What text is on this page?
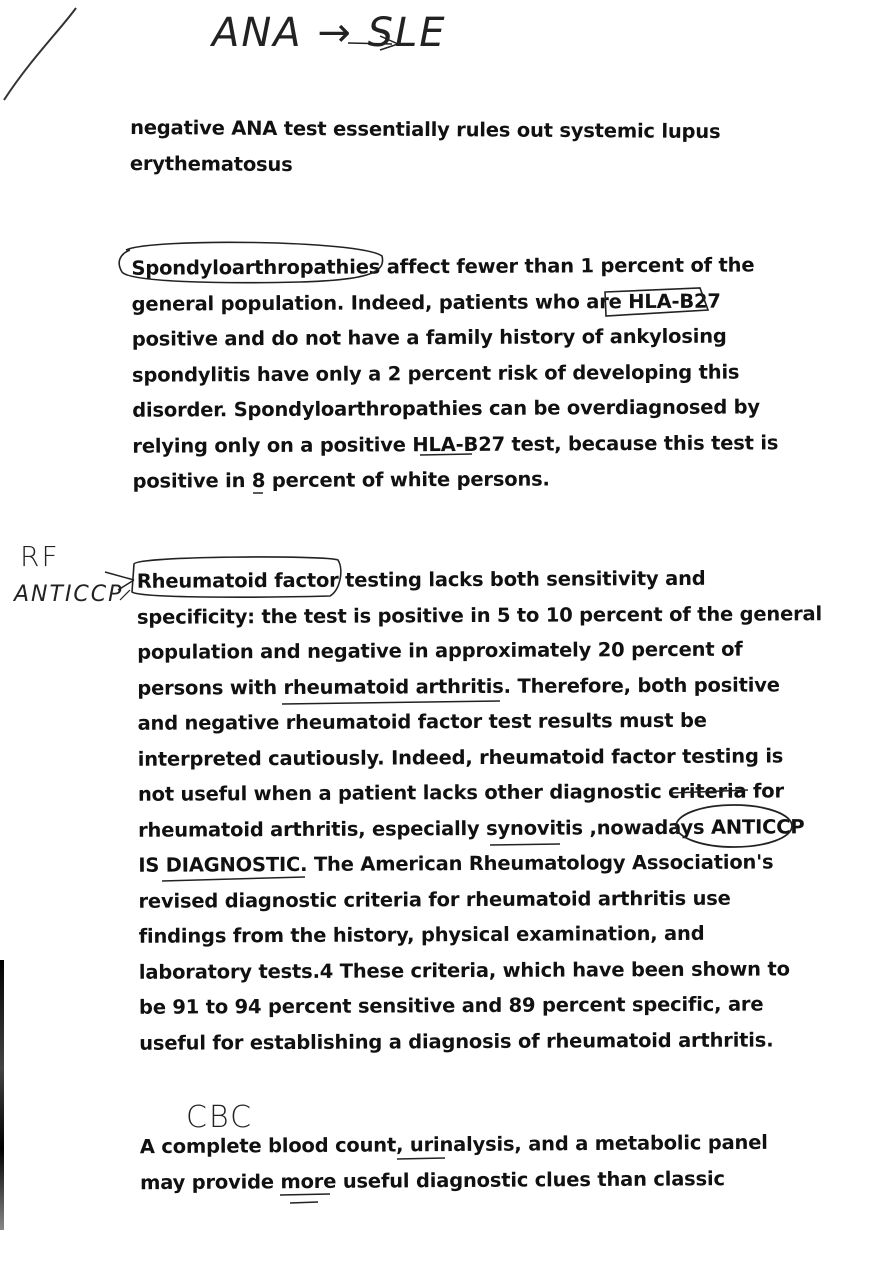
ANA → SLE
RF
ANTICCP
CBC
negative ANA test essentially rules out systemic lupus
erythematosus
Spondyloarthropathies affect fewer than 1 percent of the
general population. Indeed, patients who are HLA-B27
positive and do not have a family history of ankylosing
spondylitis have only a 2 percent risk of developing this
disorder. Spondyloarthropathies can be overdiagnosed by
relying only on a positive HLA-B27 test, because this test is
positive in 8 percent of white persons.
Rheumatoid factor testing lacks both sensitivity and
specificity: the test is positive in 5 to 10 percent of the general
population and negative in approximately 20 percent of
persons with rheumatoid arthritis. Therefore, both positive
and negative rheumatoid factor test results must be
interpreted cautiously. Indeed, rheumatoid factor testing is
not useful when a patient lacks other diagnostic criteria for
rheumatoid arthritis, especially synovitis ,nowadays ANTICCP
IS DIAGNOSTIC. The American Rheumatology Association's
revised diagnostic criteria for rheumatoid arthritis use
findings from the history, physical examination, and
laboratory tests.4 These criteria, which have been shown to
be 91 to 94 percent sensitive and 89 percent specific, are
useful for establishing a diagnosis of rheumatoid arthritis.
A complete blood count, urinalysis, and a metabolic panel
may provide more useful diagnostic clues than classic
